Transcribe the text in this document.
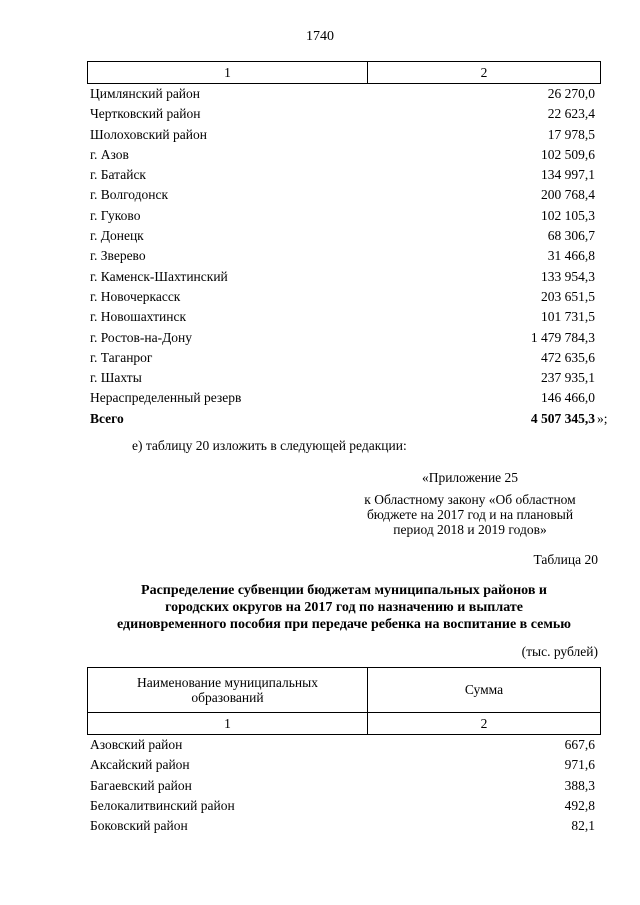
1740
1	2
Цимлянский район	26 270,0
Чертковский район	22 623,4
Шолоховский район	17 978,5
г. Азов	102 509,6
г. Батайск	134 997,1
г. Волгодонск	200 768,4
г. Гуково	102 105,3
г. Донецк	68 306,7
г. Зверево	31 466,8
г. Каменск-Шахтинский	133 954,3
г. Новочеркасск	203 651,5
г. Новошахтинск	101 731,5
г. Ростов-на-Дону	1 479 784,3
г. Таганрог	472 635,6
г. Шахты	237 935,1
Нераспределенный резерв	146 466,0
Всего	4 507 345,3 »;
е) таблицу 20 изложить в следующей редакции:
«Приложение 25
к Областному закону «Об областном
бюджете на 2017 год и на плановый
период 2018 и 2019 годов»
Таблица 20
Распределение субвенции бюджетам муниципальных районов и
городских округов на 2017 год по назначению и выплате
единовременного пособия при передаче ребенка на воспитание в семью
(тыс. рублей)
Наименование муниципальных
образований	Сумма
1	2
Азовский район	667,6
Аксайский район	971,6
Багаевский район	388,3
Белокалитвинский район	492,8
Боковский район	82,1
